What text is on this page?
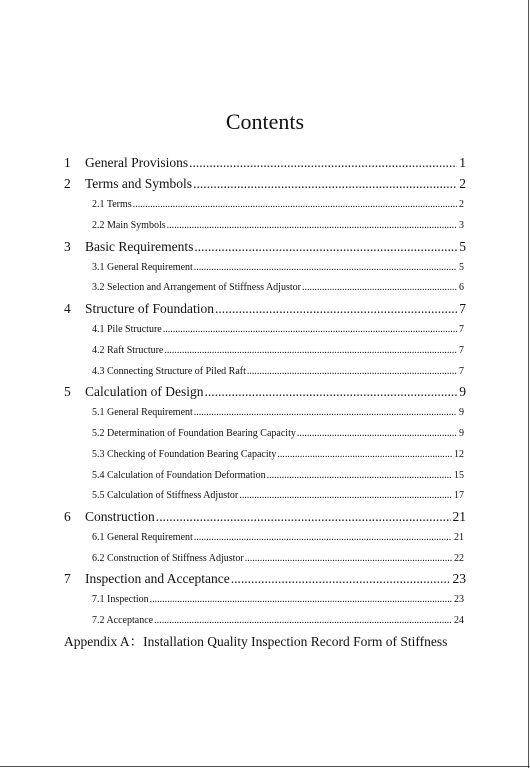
Contents
1	General Provisions .....	1
2	Terms and Symbols .....	2
2.1 Terms .....	2
2.2 Main Symbols .....	3
3	Basic Requirements .....	5
3.1 General Requirement .....	5
3.2 Selection and Arrangement of Stiffness Adjustor .....	6
4	Structure of Foundation .....	7
4.1 Pile Structure .....	7
4.2 Raft Structure .....	7
4.3 Connecting Structure of Piled Raft .....	7
5	Calculation of Design .....	9
5.1 General Requirement .....	9
5.2 Determination of Foundation Bearing Capacity .....	9
5.3 Checking of Foundation Bearing Capacity .....	12
5.4 Calculation of Foundation Deformation .....	15
5.5 Calculation of Stiffness Adjustor .....	17
6	Construction .....	21
6.1 General Requirement .....	21
6.2 Construction of Stiffness Adjustor .....	22
7	Inspection and Acceptance .....	23
7.1 Inspection .....	23
7.2 Acceptance .....	24
Appendix A：Installation Quality Inspection Record Form of Stiffness
